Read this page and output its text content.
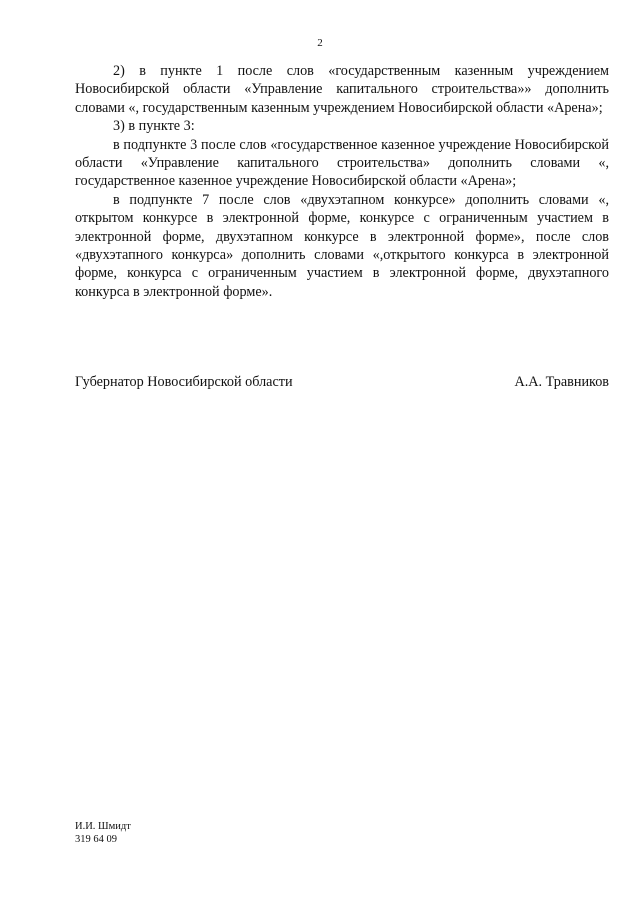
2

2) в пункте 1 после слов «государственным казенным учреждением Новосибирской области «Управление капитального строительства»» дополнить словами «, государственным казенным учреждением Новосибирской области «Арена»;

3) в пункте 3:

в подпункте 3 после слов «государственное казенное учреждение Новосибирской области «Управление капитального строительства» дополнить словами «, государственное казенное учреждение Новосибирской области «Арена»;

в подпункте 7 после слов «двухэтапном конкурсе» дополнить словами «, открытом конкурсе в электронной форме, конкурсе с ограниченным участием в электронной форме, двухэтапном конкурсе в электронной форме», после слов «двухэтапного конкурса» дополнить словами «,открытого конкурса в электронной форме, конкурса с ограниченным участием в электронной форме, двухэтапного конкурса в электронной форме».

Губернатор Новосибирской области	А.А. Травников
И.И. Шмидт
319 64 09
